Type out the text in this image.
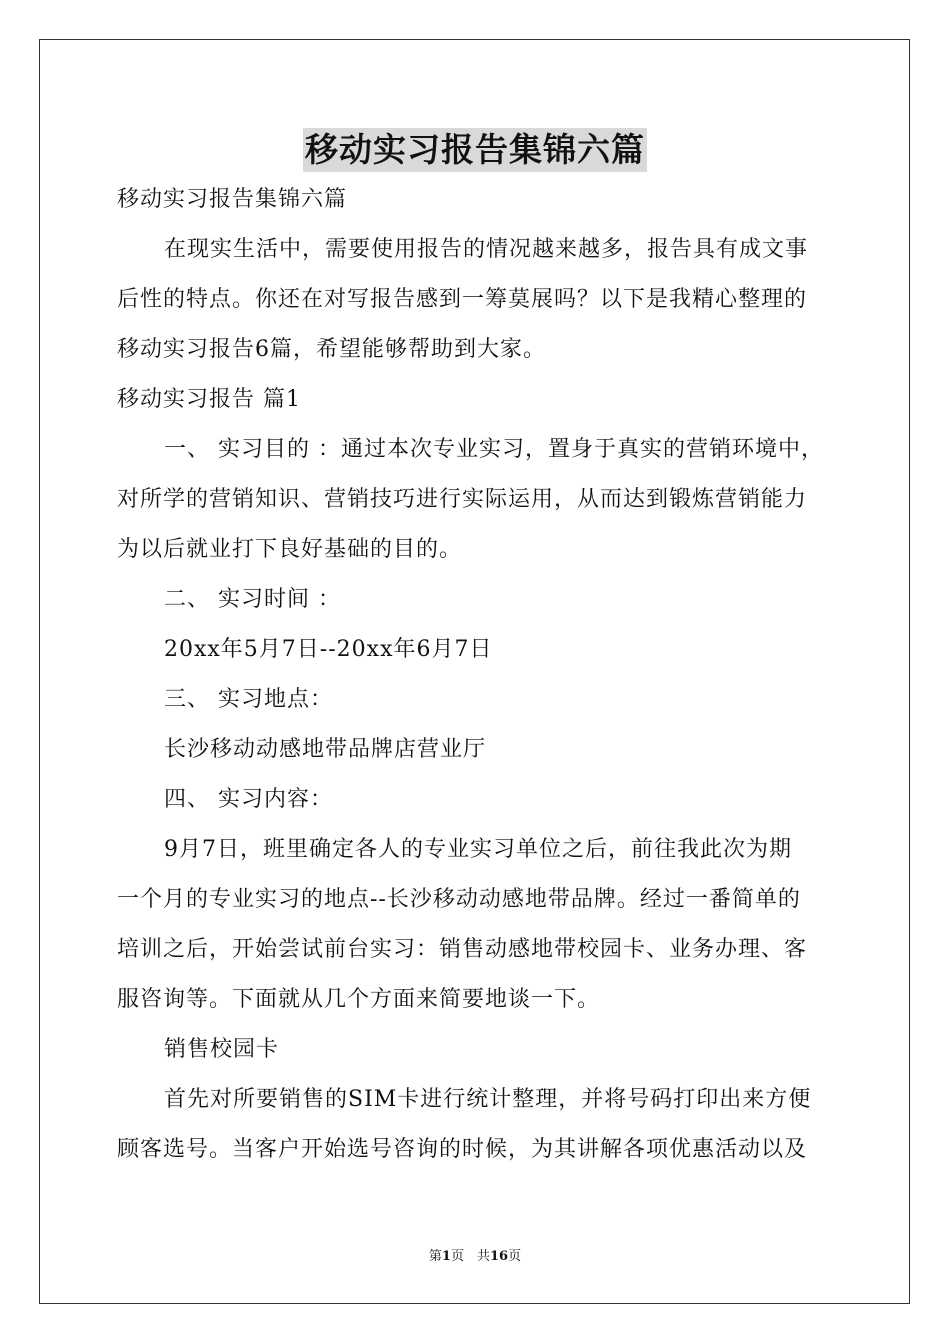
移动实习报告集锦六篇
移动实习报告集锦六篇
在现实生活中，需要使用报告的情况越来越多，报告具有成文事
后性的特点。你还在对写报告感到一筹莫展吗？以下是我精心整理的
移动实习报告6篇，希望能够帮助到大家。
移动实习报告 篇1
一、 实习目的 ：通过本次专业实习，置身于真实的营销环境中，
对所学的营销知识、营销技巧进行实际运用，从而达到锻炼营销能力
为以后就业打下良好基础的目的。
二、 实习时间 ：
20xx年5月7日--20xx年6月7日
三、 实习地点：
长沙移动动感地带品牌店营业厅
四、 实习内容：
9月7日，班里确定各人的专业实习单位之后，前往我此次为期
一个月的专业实习的地点--长沙移动动感地带品牌。经过一番简单的
培训之后，开始尝试前台实习：销售动感地带校园卡、业务办理、客
服咨询等。下面就从几个方面来简要地谈一下。
销售校园卡
首先对所要销售的SIM卡进行统计整理，并将号码打印出来方便
顾客选号。当客户开始选号咨询的时候，为其讲解各项优惠活动以及
第1页　共16页
